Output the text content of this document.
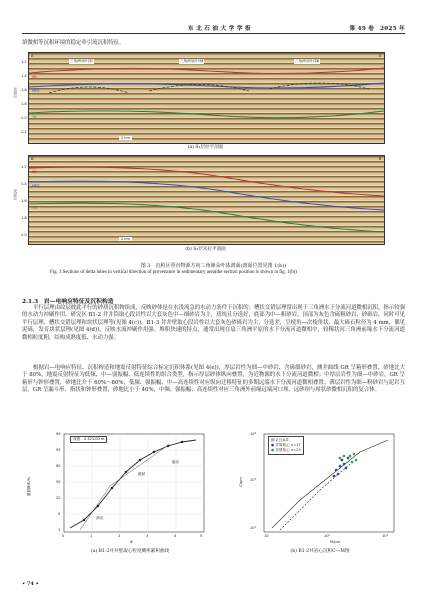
东 北 石 油 大 学 学 报	第 49 卷　2025 年
填微相等沉积环境的稳定牵引流沉积特征。
A	A′
三角洲朵叶体Ⅰ	三角洲朵叶体Ⅱ	三角洲朵叶体Ⅲ
SB
MFS
TS
2 km
时间/s
1.2
1.4
1.6
1.8
2.0
2.2
(a) S₂层拉平剖面
B	B′
SB
MFS
TS
2 km
时间/s
1.2
1.4
1.6
1.8
2.0
(b) S₂层未拉平剖面
图 3　沉积区垂直物源方向三角洲朵叶体剖面(剖面位置见图 1(b))
Fig. 3 Sections of delta lobes in vertical direction of provenance in sedimentary area(the section position is shown in fig. 1(b))
2.1.3　岩—电响应特征及沉积构造
平行层理由纹层彼此平行的砂质沉积物组成，反映砂体是在水浅流急的水动力条件下沉积的；槽状交错层理常出现于三角洲水下分流河道微相沉积，指示较强的水动力冲刷作用。研究区 B1-2 井井筒取心段岩性以大套灰色中—细砂岩为主，质纯且分选好，底部为中—粗砂岩，顶部为灰色含砾粗砂岩、砂砾岩，同时可见平行层理、槽状交错层理和块状层理等(见图 4(c))。B1-3 井井壁取心段岩性以大套灰色砂砾岩为主，分选差，呈棱角—次棱角状，最大砾石粒径为 4 mm，偶见泥砾，发育块状层理(见图 4(d))，反映水流冲刷作用强、堆积快速的特点，通常出现在扇三角洲平原的水下分流河道微相中，较稀状河三角洲前缘水下分流河道微相粒度粗，结构成熟度低、水动力强。
根据岩—电响应特征、沉积构造和地震反射特征综合标定沉积体系(见图 4(e))，厚层岩性为细—中砂岩、含砾细砂岩，测井曲线 GR 呈箱形叠置，砂地比大于 80%，地震反射特征为低频、中—弱振幅、低连续性的组合类型，指示厚层砂体纵向叠置，为近物源的水下分流河道微相；中厚层岩性为细—中砂岩，GR 呈箱形与钟形叠置，砂地比介于 60%～80%，低频、强振幅、中—高连续性对应纵向迁移特征的多期远端水下分流河道微相叠置；薄层岩性为细—粉砂岩与泥岩互层，GR 呈漏斗形、指状和钟形叠置，砂地比小于 40%，中频、强振幅、高连续性对应三角洲外前缘远端河口坝、远砂坝与席状砂微相沉积的复合体。
深度：4 323.00 m
跳跃
悬浮
滚动
99
95
80
50
20
5
1
0	1	2	3	4	5
累积概率/%
Φ
(a) B1-2井井壁取心粒度概率累积曲线
图 2 区A井
● 井筒取心 n=17
● 井壁取心 n=23
10⁴
10³
10²
10	10²	10³
C/μm
M/μm
(b) B1-2井岩心沉积C—M图
• 74 •
